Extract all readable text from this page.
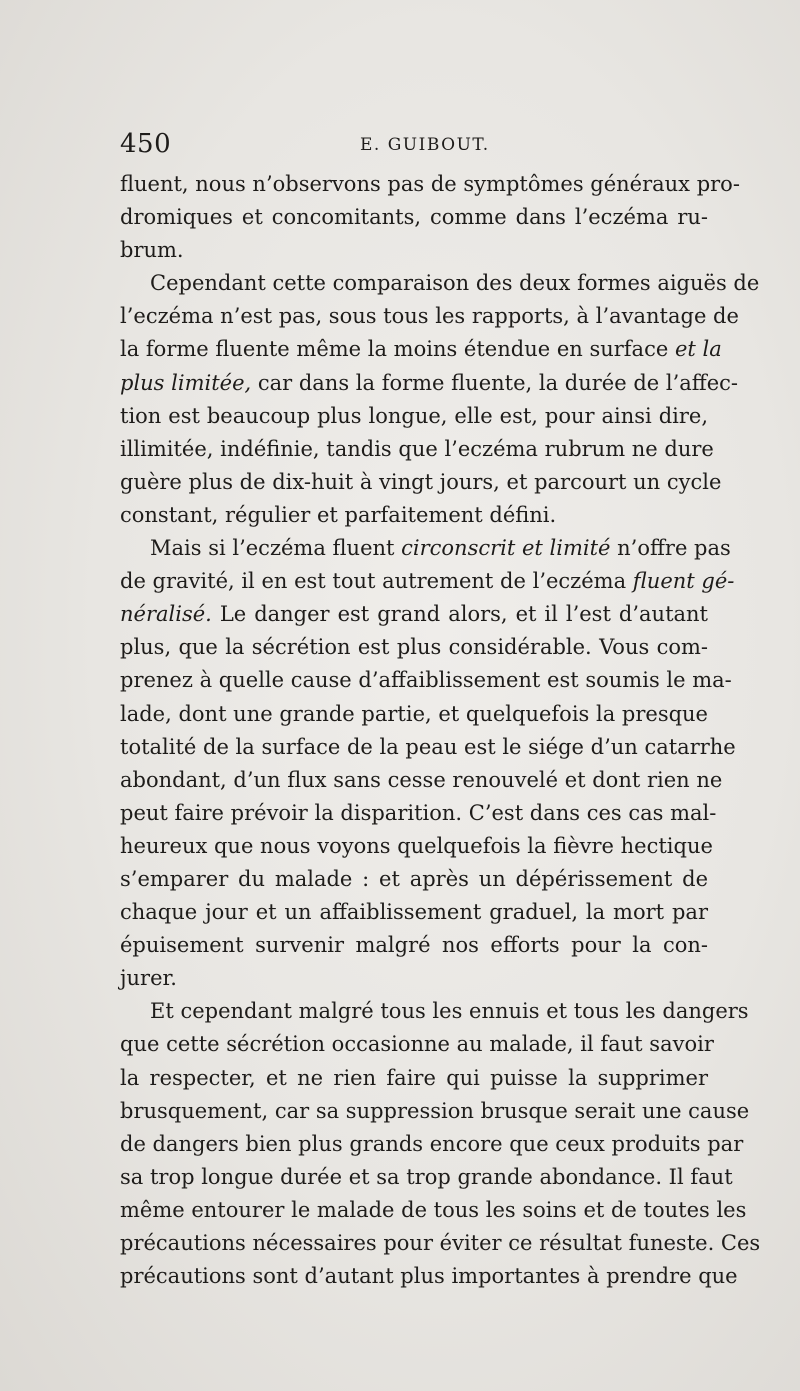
450	E. GUIBOUT.
fluent, nous n’observons pas de symptômes généraux pro-
dromiques et concomitants, comme dans l’eczéma ru-
brum.
Cependant cette comparaison des deux formes aiguës de
l’eczéma n’est pas, sous tous les rapports, à l’avantage de
la forme fluente même la moins étendue en surface et la
plus limitée, car dans la forme fluente, la durée de l’affec-
tion est beaucoup plus longue, elle est, pour ainsi dire,
illimitée, indéfinie, tandis que l’eczéma rubrum ne dure
guère plus de dix-huit à vingt jours, et parcourt un cycle
constant, régulier et parfaitement défini.
Mais si l’eczéma fluent circonscrit et limité n’offre pas
de gravité, il en est tout autrement de l’eczéma fluent gé-
néralisé. Le danger est grand alors, et il l’est d’autant
plus, que la sécrétion est plus considérable. Vous com-
prenez à quelle cause d’affaiblissement est soumis le ma-
lade, dont une grande partie, et quelquefois la presque
totalité de la surface de la peau est le siége d’un catarrhe
abondant, d’un flux sans cesse renouvelé et dont rien ne
peut faire prévoir la disparition. C’est dans ces cas mal-
heureux que nous voyons quelquefois la fièvre hectique
s’emparer du malade : et après un dépérissement de
chaque jour et un affaiblissement graduel, la mort par
épuisement survenir malgré nos efforts pour la con-
jurer.
Et cependant malgré tous les ennuis et tous les dangers
que cette sécrétion occasionne au malade, il faut savoir
la respecter, et ne rien faire qui puisse la supprimer
brusquement, car sa suppression brusque serait une cause
de dangers bien plus grands encore que ceux produits par
sa trop longue durée et sa trop grande abondance. Il faut
même entourer le malade de tous les soins et de toutes les
précautions nécessaires pour éviter ce résultat funeste. Ces
précautions sont d’autant plus importantes à prendre que
